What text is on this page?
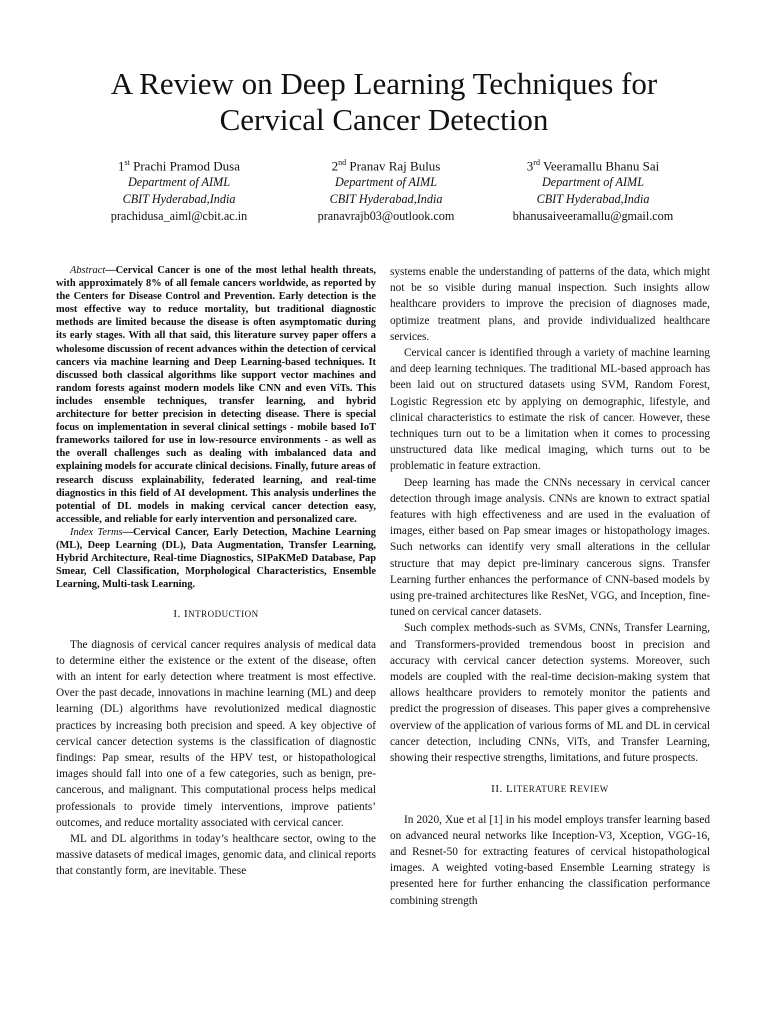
A Review on Deep Learning Techniques for
Cervical Cancer Detection
1st Prachi Pramod Dusa
Department of AIML
CBIT Hyderabad,India
prachidusa_aiml@cbit.ac.in
2nd Pranav Raj Bulus
Department of AIML
CBIT Hyderabad,India
pranavrajb03@outlook.com
3rd Veeramallu Bhanu Sai
Department of AIML
CBIT Hyderabad,India
bhanusaiveeramallu@gmail.com

Abstract—Cervical Cancer is one of the most lethal health threats, with approximately 8% of all female cancers worldwide, as reported by the Centers for Disease Control and Prevention. Early detection is the most effective way to reduce mortality, but traditional diagnostic methods are limited because the disease is often asymptomatic during its early stages. With all that said, this literature survey paper offers a wholesome discussion of recent advances within the detection of cervical cancers via machine learning and Deep Learning-based techniques. It discussed both classical algorithms like support vector machines and random forests against modern models like CNN and even ViTs. This includes ensemble techniques, transfer learning, and hybrid architecture for better precision in detecting disease. There is special focus on implementation in several clinical settings - mobile based IoT frameworks tailored for use in low-resource environments - as well as the overall challenges such as dealing with imbalanced data and explaining models for accurate clinical decisions. Finally, future areas of research discuss explainability, federated learning, and real-time diagnostics in this field of AI development. This analysis underlines the potential of DL models in making cervical cancer detection easy, accessible, and reliable for early intervention and personalized care.

Index Terms—Cervical Cancer, Early Detection, Machine Learning (ML), Deep Learning (DL), Data Augmentation, Transfer Learning, Hybrid Architecture, Real-time Diagnostics, SIPaKMeD Database, Pap Smear, Cell Classification, Morphological Characteristics, Ensemble Learning, Multi-task Learning.

I. INTRODUCTION

The diagnosis of cervical cancer requires analysis of medical data to determine either the existence or the extent of the disease, often with an intent for early detection where treatment is most effective. Over the past decade, innovations in machine learning (ML) and deep learning (DL) algorithms have revolutionized medical diagnostic practices by increasing both precision and speed. A key objective of cervical cancer detection systems is the classification of diagnostic findings: Pap smear, results of the HPV test, or histopathological images should fall into one of a few categories, such as benign, pre-cancerous, and malignant. This computational process helps medical professionals to provide timely interventions, improve patients’ outcomes, and reduce mortality associated with cervical cancer.

ML and DL algorithms in today’s healthcare sector, owing to the massive datasets of medical images, genomic data, and clinical reports that constantly form, are inevitable. These

systems enable the understanding of patterns of the data, which might not be so visible during manual inspection. Such insights allow healthcare providers to improve the precision of diagnoses made, optimize treatment plans, and provide individualized healthcare services.

Cervical cancer is identified through a variety of machine learning and deep learning techniques. The traditional ML-based approach has been laid out on structured datasets using SVM, Random Forest, Logistic Regression etc by applying on demographic, lifestyle, and clinical characteristics to estimate the risk of cancer. However, these techniques turn out to be a limitation when it comes to processing unstructured data like medical imaging, which turns out to be problematic in feature extraction.

Deep learning has made the CNNs necessary in cervical cancer detection through image analysis. CNNs are known to extract spatial features with high effectiveness and are used in the evaluation of images, either based on Pap smear images or histopathology images. Such networks can identify very small alterations in the cellular structure that may depict pre-liminary cancerous signs. Transfer Learning further enhances the performance of CNN-based models by using pre-trained architectures like ResNet, VGG, and Inception, fine-tuned on cervical cancer datasets.

Such complex methods-such as SVMs, CNNs, Transfer Learning, and Transformers-provided tremendous boost in precision and accuracy with cervical cancer detection systems. Moreover, such models are coupled with the real-time decision-making system that allows healthcare providers to remotely monitor the patients and predict the progression of diseases. This paper gives a comprehensive overview of the application of various forms of ML and DL in cervical cancer detection, including CNNs, ViTs, and Transfer Learning, showing their respective strengths, limitations, and future prospects.

II. LITERATURE REVIEW

In 2020, Xue et al [1] in his model employs transfer learning based on advanced neural networks like Inception-V3, Xception, VGG-16, and Resnet-50 for extracting features of cervical histopathological images. A weighted voting-based Ensemble Learning strategy is presented here for further enhancing the classification performance combining strength
